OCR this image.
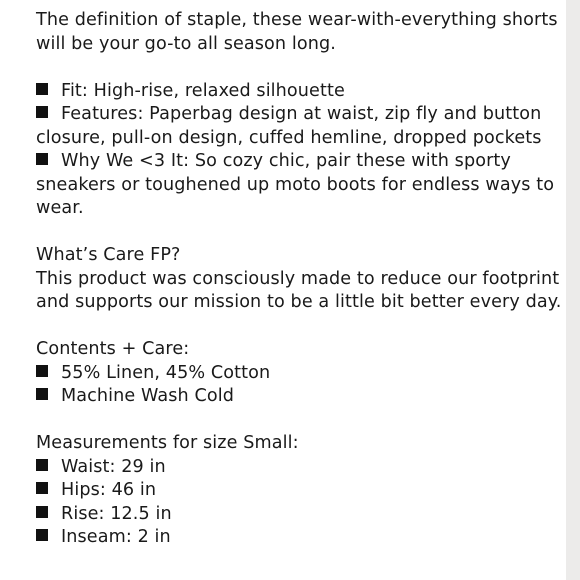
The definition of staple, these wear-with-everything shorts will be your go-to all season long.

Fit: High-rise, relaxed silhouette

Features: Paperbag design at waist, zip fly and button closure, pull-on design, cuffed hemline, dropped pockets

Why We <3 It: So cozy chic, pair these with sporty sneakers or toughened up moto boots for endless ways to wear.

What’s Care FP?

This product was consciously made to reduce our footprint and supports our mission to be a little bit better every day.

Contents + Care:

55% Linen, 45% Cotton

Machine Wash Cold

Measurements for size Small:

Waist: 29 in

Hips: 46 in

Rise: 12.5 in

Inseam: 2 in
